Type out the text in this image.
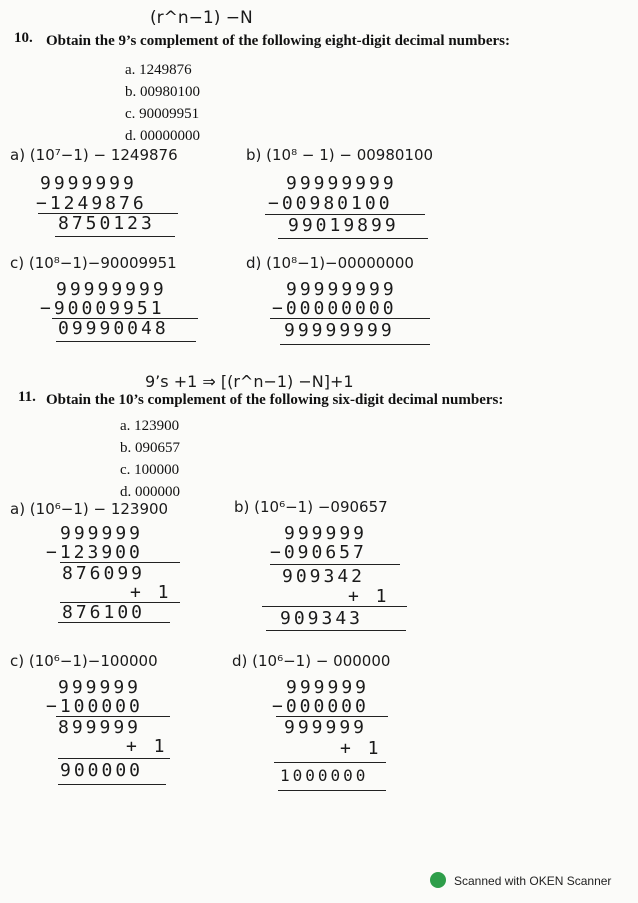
(r^n−1) −N
10. Obtain the 9’s complement of the following eight-digit decimal numbers:
a. 1249876
b. 00980100
c. 90009951
d. 00000000
a) (10⁷−1) − 1249876
9999999
−1249876
8750123
b) (10⁸ − 1) − 00980100
99999999
−00980100
99019899
c) (10⁸−1)−90009951
99999999
−90009951
09990048
d) (10⁸−1)−00000000
99999999
−00000000
99999999
9’s +1 ⇒ [(r^n−1) −N]+1
11. Obtain the 10’s complement of the following six-digit decimal numbers:
a. 123900
b. 090657
c. 100000
d. 000000
a) (10⁶−1) − 123900
999999
−123900
876099
+ 1
876100
b) (10⁶−1) −090657
999999
−090657
909342
+ 1
909343
c) (10⁶−1)−100000
999999
−100000
899999
+ 1
900000
d) (10⁶−1) − 000000
999999
−000000
999999
+ 1
1000000
Scanned with OKEN Scanner
